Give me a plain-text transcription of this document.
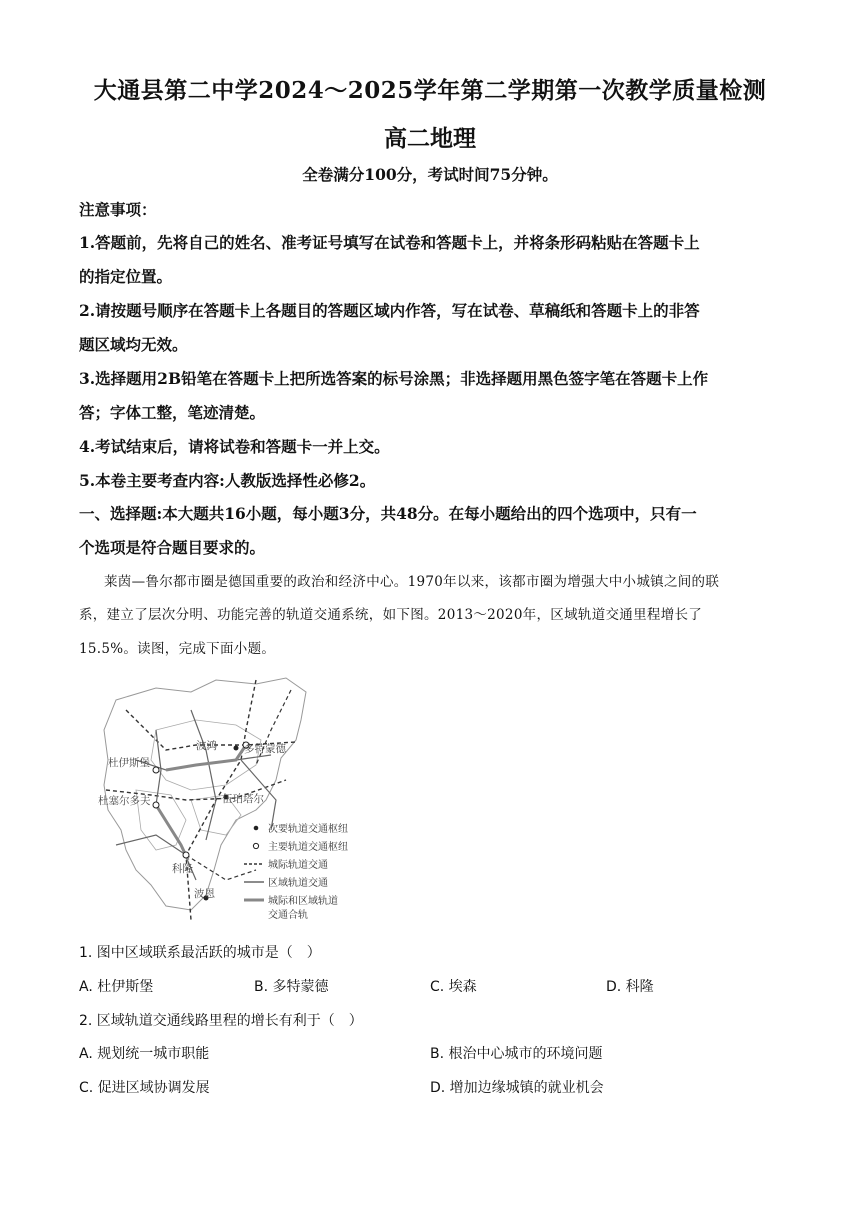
大通县第二中学2024～2025学年第二学期第一次教学质量检测
高二地理
全卷满分100分，考试时间75分钟。
注意事项：
1.答题前，先将自己的姓名、准考证号填写在试卷和答题卡上，并将条形码粘贴在答题卡上
的指定位置。
2.请按题号顺序在答题卡上各题目的答题区域内作答，写在试卷、草稿纸和答题卡上的非答
题区域均无效。
3.选择题用2B铅笔在答题卡上把所选答案的标号涂黑；非选择题用黑色签字笔在答题卡上作
答；字体工整，笔迹清楚。
4.考试结束后，请将试卷和答题卡一并上交。
5.本卷主要考查内容:人教版选择性必修2。
一、选择题:本大题共16小题，每小题3分，共48分。在每小题给出的四个选项中，只有一
个选项是符合题目要求的。
莱茵—鲁尔都市圈是德国重要的政治和经济中心。1970年以来，该都市圈为增强大中小城镇之间的联
系，建立了层次分明、功能完善的轨道交通系统，如下图。2013～2020年，区域轨道交通里程增长了
15.5%。读图，完成下面小题。
波鸿	多特蒙德
杜伊斯堡
杜塞尔多夫	伍珀塔尔
科隆
波恩
次要轨道交通枢纽
主要轨道交通枢纽
城际轨道交通
区域轨道交通
城际和区域轨道
交通合轨
1. 图中区域联系最活跃的城市是（　）
A. 杜伊斯堡	B. 多特蒙德	C. 埃森	D. 科隆
2. 区域轨道交通线路里程的增长有利于（　）
A. 规划统一城市职能	B. 根治中心城市的环境问题
C. 促进区域协调发展	D. 增加边缘城镇的就业机会
